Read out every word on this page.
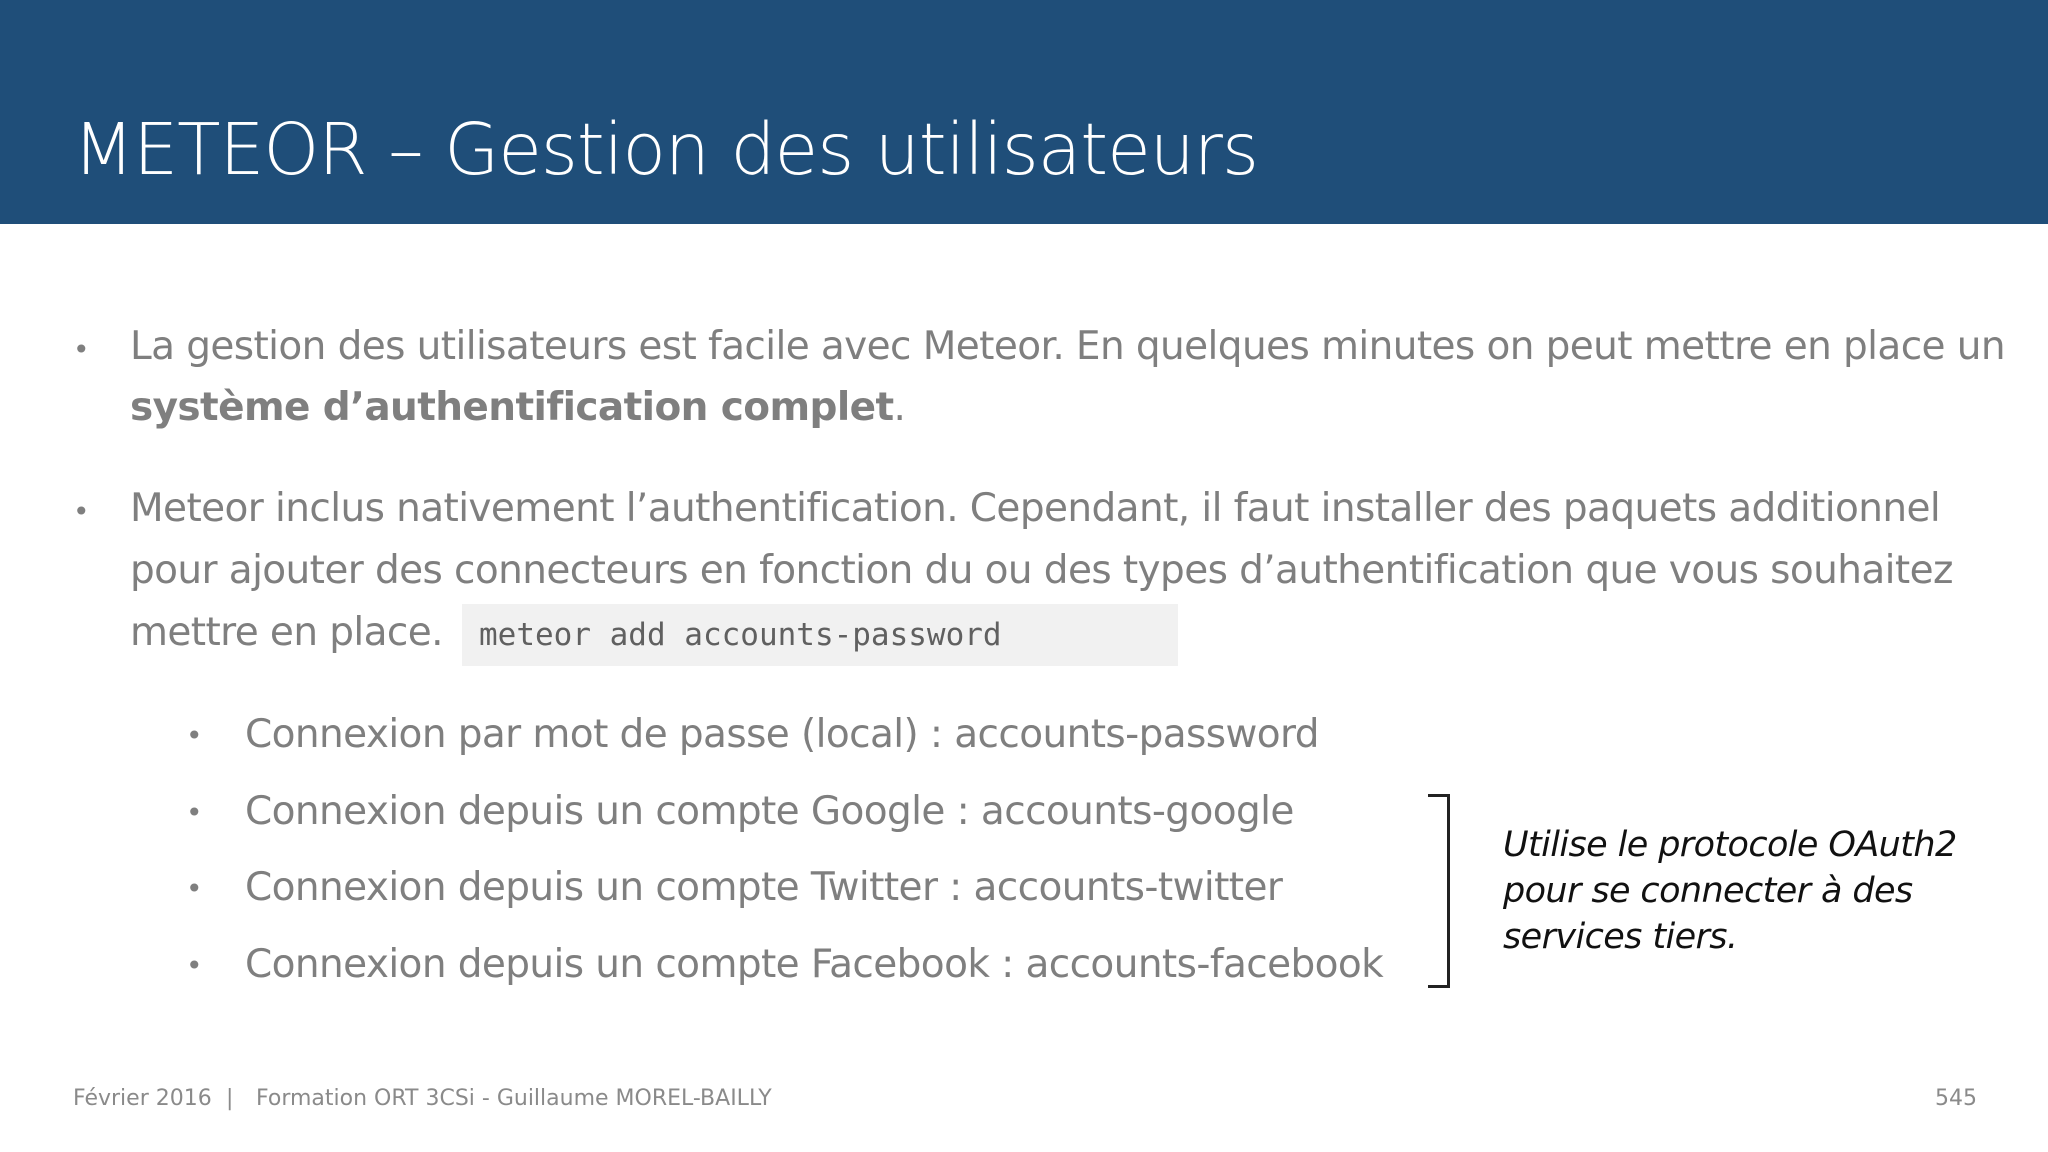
METEOR – Gestion des utilisateurs
• La gestion des utilisateurs est facile avec Meteor. En quelques minutes on peut mettre en place un
système d’authentification complet.
• Meteor inclus nativement l’authentification. Cependant, il faut installer des paquets additionnel
pour ajouter des connecteurs en fonction du ou des types d’authentification que vous souhaitez
mettre en place.	meteor add accounts-password
• Connexion par mot de passe (local) : accounts-password
• Connexion depuis un compte Google : accounts-google
• Connexion depuis un compte Twitter : accounts-twitter
• Connexion depuis un compte Facebook : accounts-facebook

Utilise le protocole OAuth2
pour se connecter à des
services tiers.

Février 2016 | Formation ORT 3CSi - Guillaume MOREL-BAILLY	545
